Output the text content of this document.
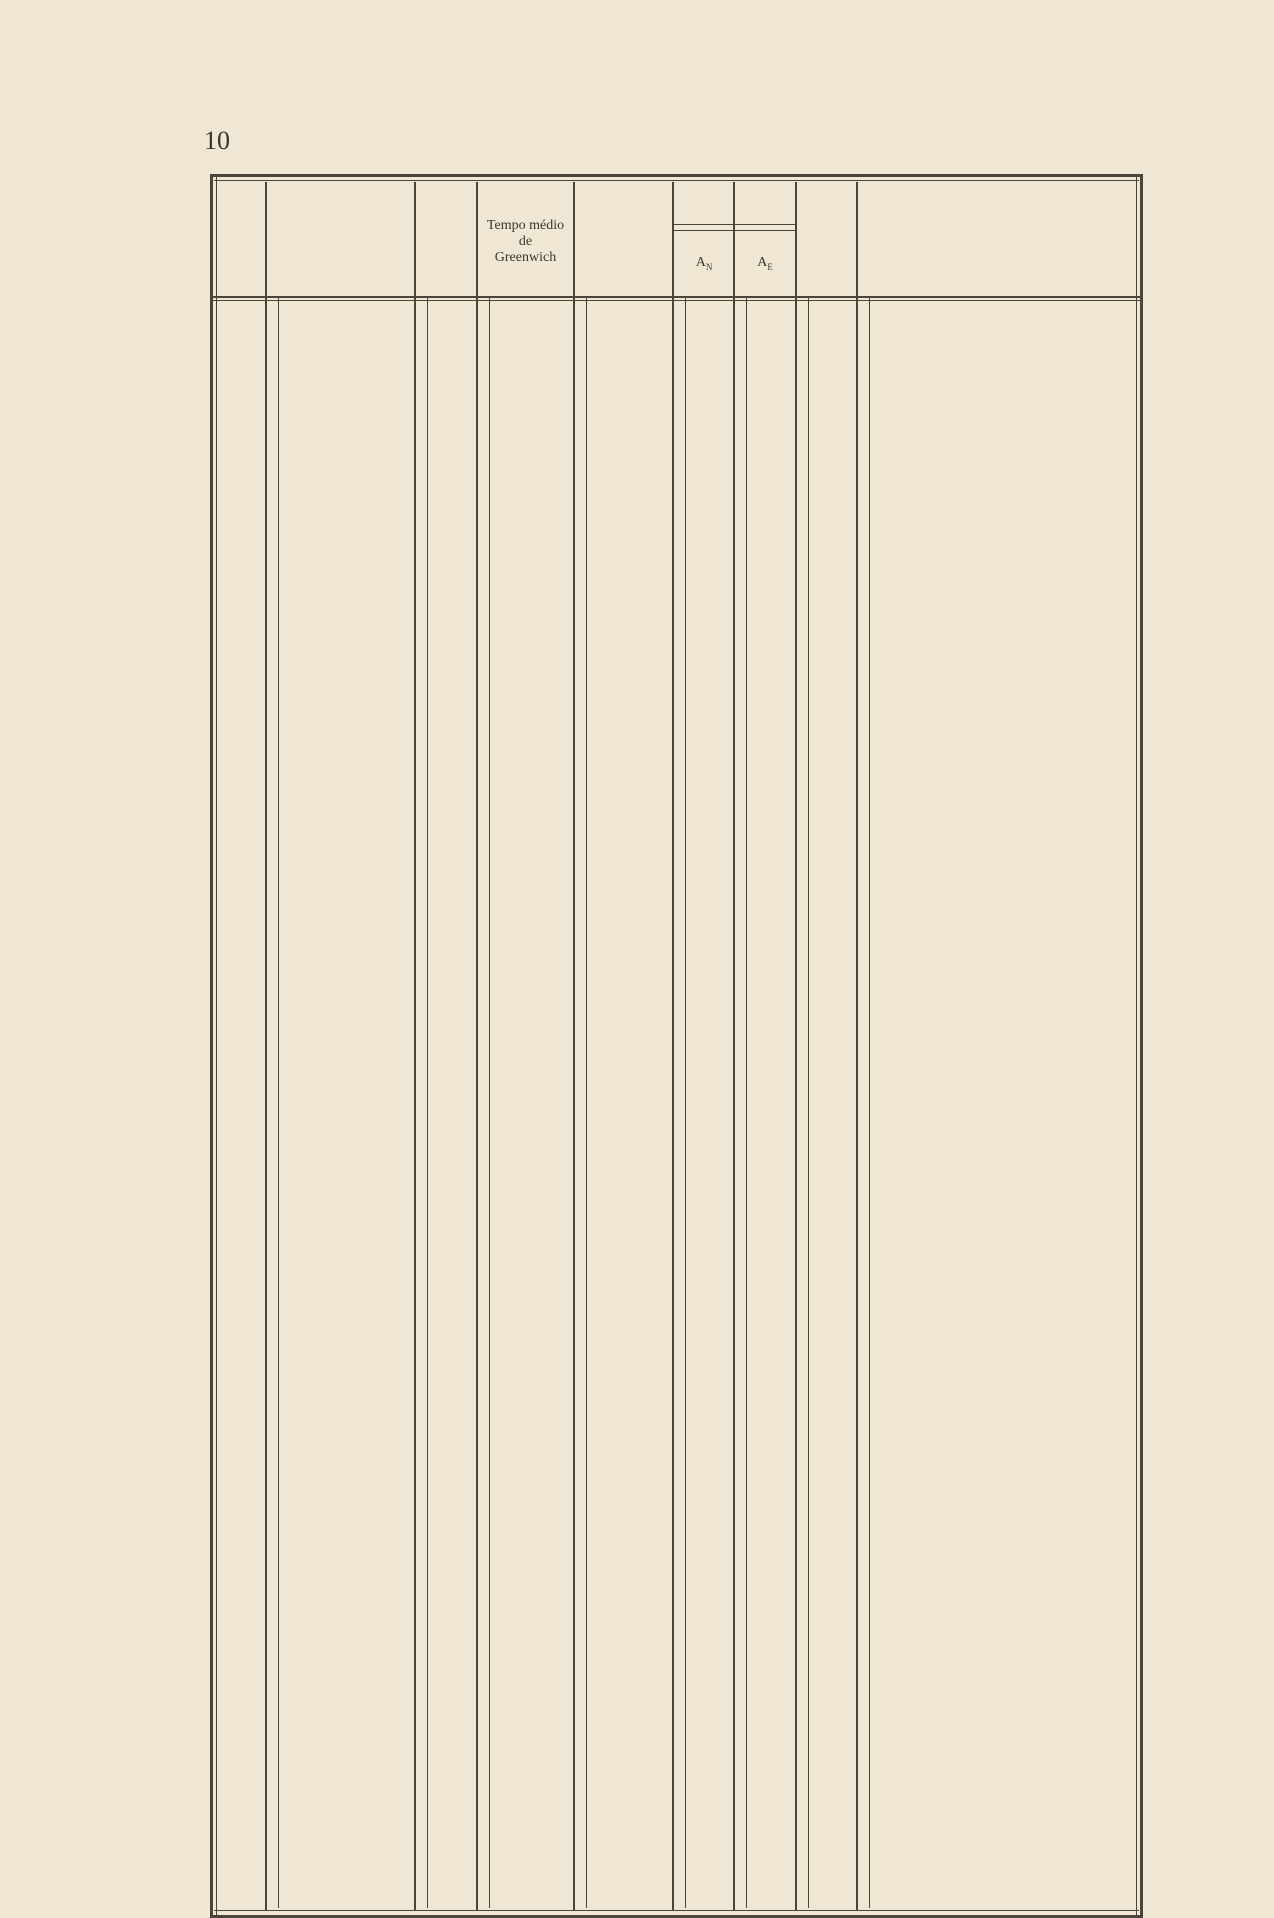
10
Tempo médio
de
Greenwich	$A_N$	$A_E$
